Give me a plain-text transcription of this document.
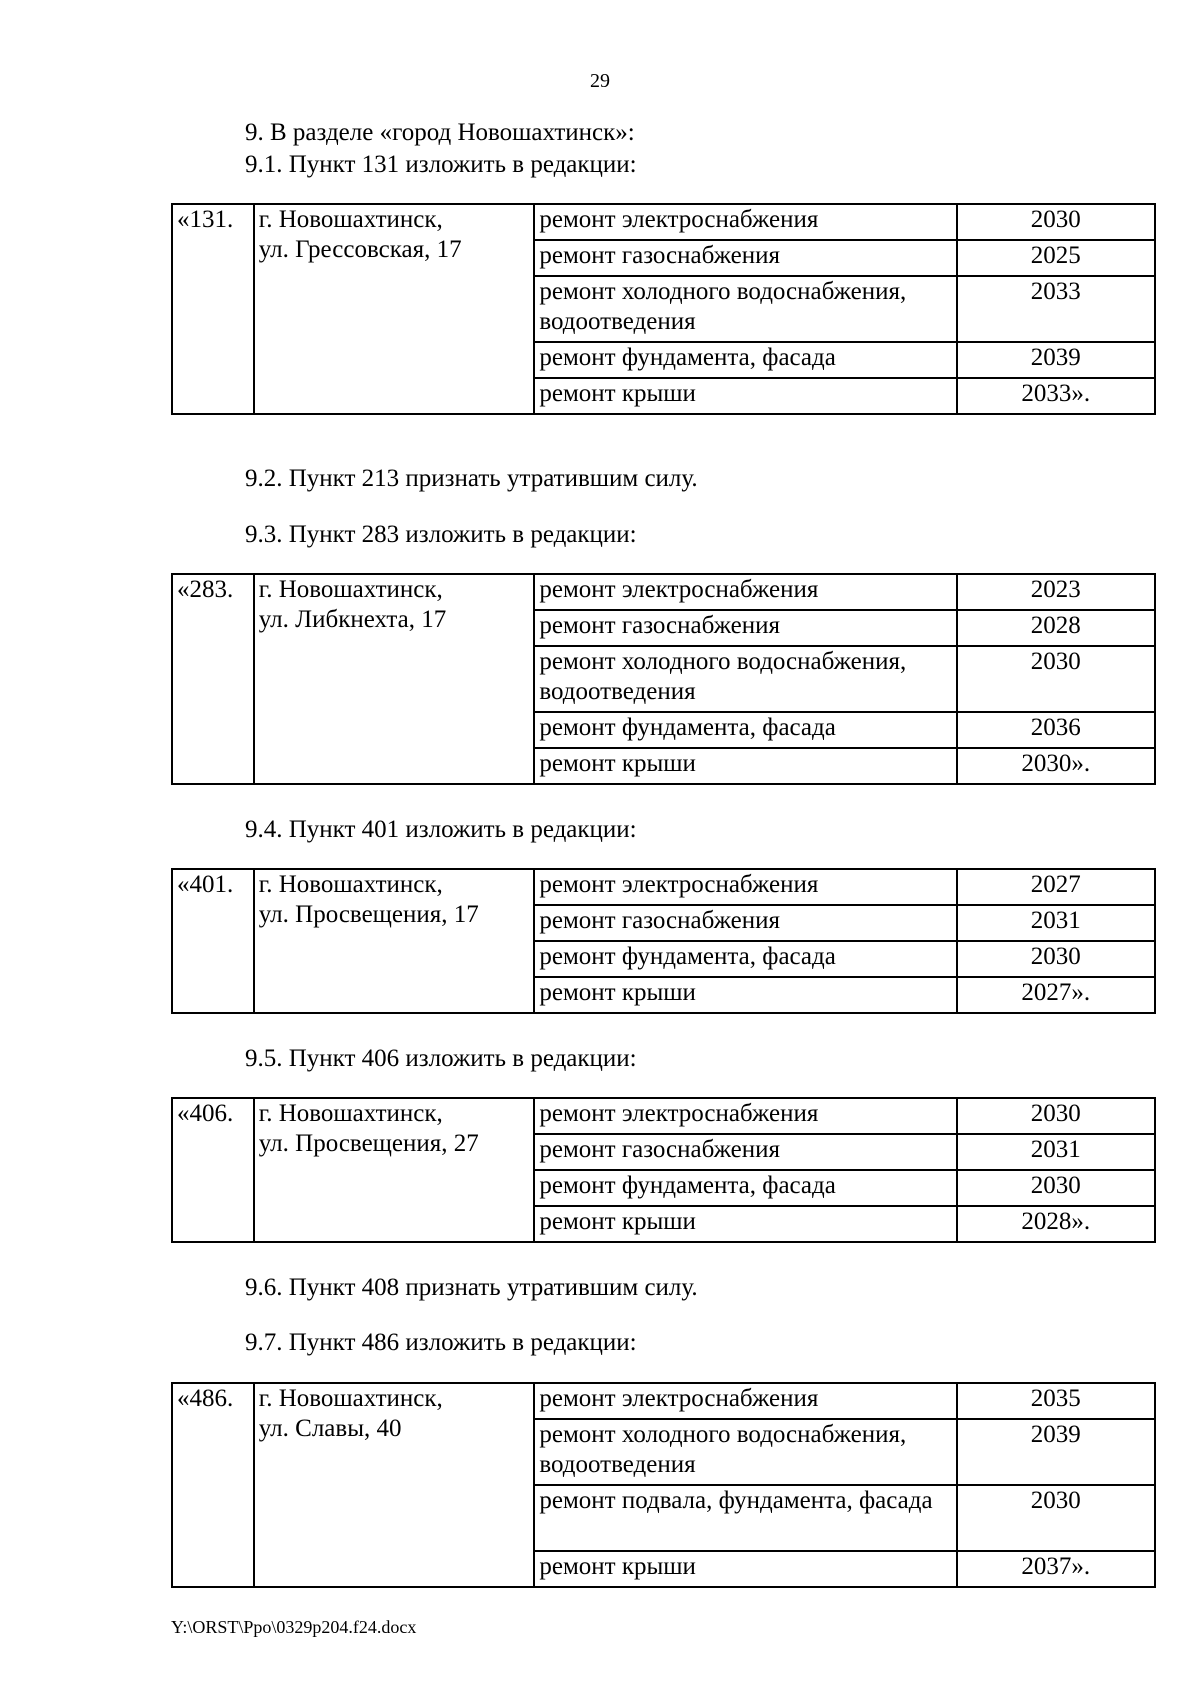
29
9. В разделе «город Новошахтинск»:
9.1. Пункт 131 изложить в редакции:
«131.	г. Новошахтинск,
ул. Грессовская, 17	ремонт электроснабжения	2030
		ремонт газоснабжения	2025
		ремонт холодного водоснабжения, водоотведения	2033
		ремонт фундамента, фасада	2039
		ремонт крыши	2033».
9.2. Пункт 213 признать утратившим силу.
9.3. Пункт 283 изложить в редакции:
«283.	г. Новошахтинск,
ул. Либкнехта, 17	ремонт электроснабжения	2023
		ремонт газоснабжения	2028
		ремонт холодного водоснабжения, водоотведения	2030
		ремонт фундамента, фасада	2036
		ремонт крыши	2030».
9.4. Пункт 401 изложить в редакции:
«401.	г. Новошахтинск,
ул. Просвещения, 17	ремонт электроснабжения	2027
		ремонт газоснабжения	2031
		ремонт фундамента, фасада	2030
		ремонт крыши	2027».
9.5. Пункт 406 изложить в редакции:
«406.	г. Новошахтинск,
ул. Просвещения, 27	ремонт электроснабжения	2030
		ремонт газоснабжения	2031
		ремонт фундамента, фасада	2030
		ремонт крыши	2028».
9.6. Пункт 408 признать утратившим силу.
9.7. Пункт 486 изложить в редакции:
«486.	г. Новошахтинск,
ул. Славы, 40	ремонт электроснабжения	2035
		ремонт холодного водоснабжения, водоотведения	2039
		ремонт подвала, фундамента, фасада	2030
		ремонт крыши	2037».
Y:\ORST\Ppo\0329p204.f24.docx
